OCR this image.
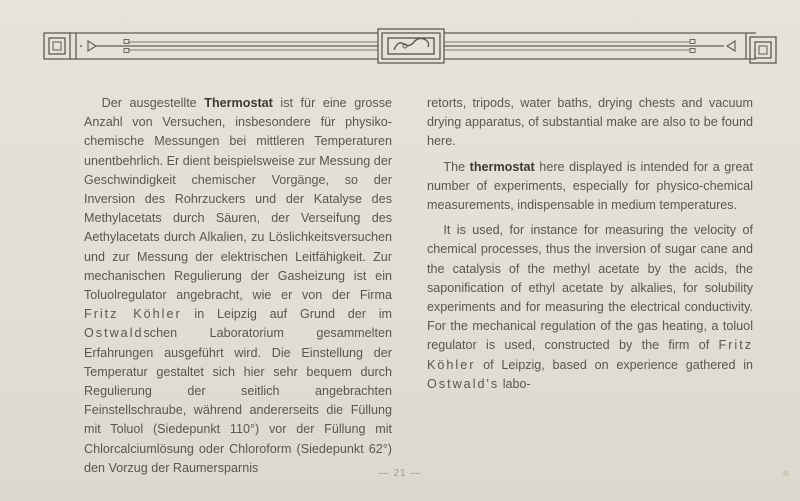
Der ausgestellte Thermostat ist für eine grosse Anzahl von Versuchen, insbesondere für physiko-chemische Messungen bei mittleren Temperaturen unentbehrlich. Er dient beispielsweise zur Messung der Geschwindigkeit chemischer Vorgänge, so der Inversion des Rohrzuckers und der Katalyse des Methylacetats durch Säuren, der Verseifung des Aethylacetats durch Alkalien, zu Löslichkeitsversuchen und zur Messung der elektrischen Leitfähigkeit. Zur mechanischen Regulierung der Gasheizung ist ein Toluolregulator angebracht, wie er von der Firma Fritz Köhler in Leipzig auf Grund der im Ostwaldschen Laboratorium gesammelten Erfahrungen ausgeführt wird. Die Einstellung der Temperatur gestaltet sich hier sehr bequem durch Regulierung der seitlich angebrachten Feinstellschraube, während andererseits die Füllung mit Toluol (Siedepunkt 110°) vor der Füllung mit Chlorcalciumlösung oder Chloroform (Siedepunkt 62°) den Vorzug der Raumersparnis

retorts, tripods, water baths, drying chests and vacuum drying apparatus, of substantial make are also to be found here.

The thermostat here displayed is intended for a great number of experiments, especially for physico-chemical measurements, indispensable in medium temperatures.

It is used, for instance for measuring the velocity of chemical processes, thus the inversion of sugar cane and the catalysis of the methyl acetate by the acids, the saponification of ethyl acetate by alkalies, for solubility experiments and for measuring the electrical conductivity. For the mechanical regulation of the gas heating, a toluol regulator is used, constructed by the firm of Fritz Köhler of Leipzig, based on experience gathered in Ostwald's labo-

— 21 —
